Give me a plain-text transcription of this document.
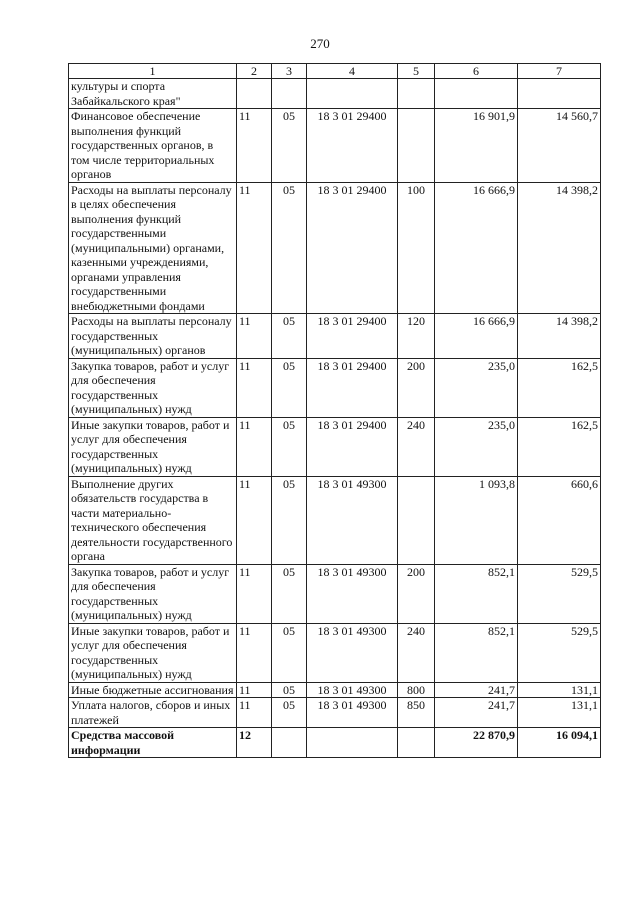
270
1	2	3	4	5	6	7
культуры и спорта Забайкальского края"						
Финансовое обеспечение выполнения функций государственных органов, в том числе территориальных органов	11	05	18 3 01 29400		16 901,9	14 560,7
Расходы на выплаты персоналу в целях обеспечения выполнения функций государственными (муниципальными) органами, казенными учреждениями, органами управления государственными внебюджетными фондами	11	05	18 3 01 29400	100	16 666,9	14 398,2
Расходы на выплаты персоналу государственных (муниципальных) органов	11	05	18 3 01 29400	120	16 666,9	14 398,2
Закупка товаров, работ и услуг для обеспечения государственных (муниципальных) нужд	11	05	18 3 01 29400	200	235,0	162,5
Иные закупки товаров, работ и услуг для обеспечения государственных (муниципальных) нужд	11	05	18 3 01 29400	240	235,0	162,5
Выполнение других обязательств государства в части материально-технического обеспечения деятельности государственного органа	11	05	18 3 01 49300		1 093,8	660,6
Закупка товаров, работ и услуг для обеспечения государственных (муниципальных) нужд	11	05	18 3 01 49300	200	852,1	529,5
Иные закупки товаров, работ и услуг для обеспечения государственных (муниципальных) нужд	11	05	18 3 01 49300	240	852,1	529,5
Иные бюджетные ассигнования	11	05	18 3 01 49300	800	241,7	131,1
Уплата налогов, сборов и иных платежей	11	05	18 3 01 49300	850	241,7	131,1
Средства массовой информации	12				22 870,9	16 094,1
